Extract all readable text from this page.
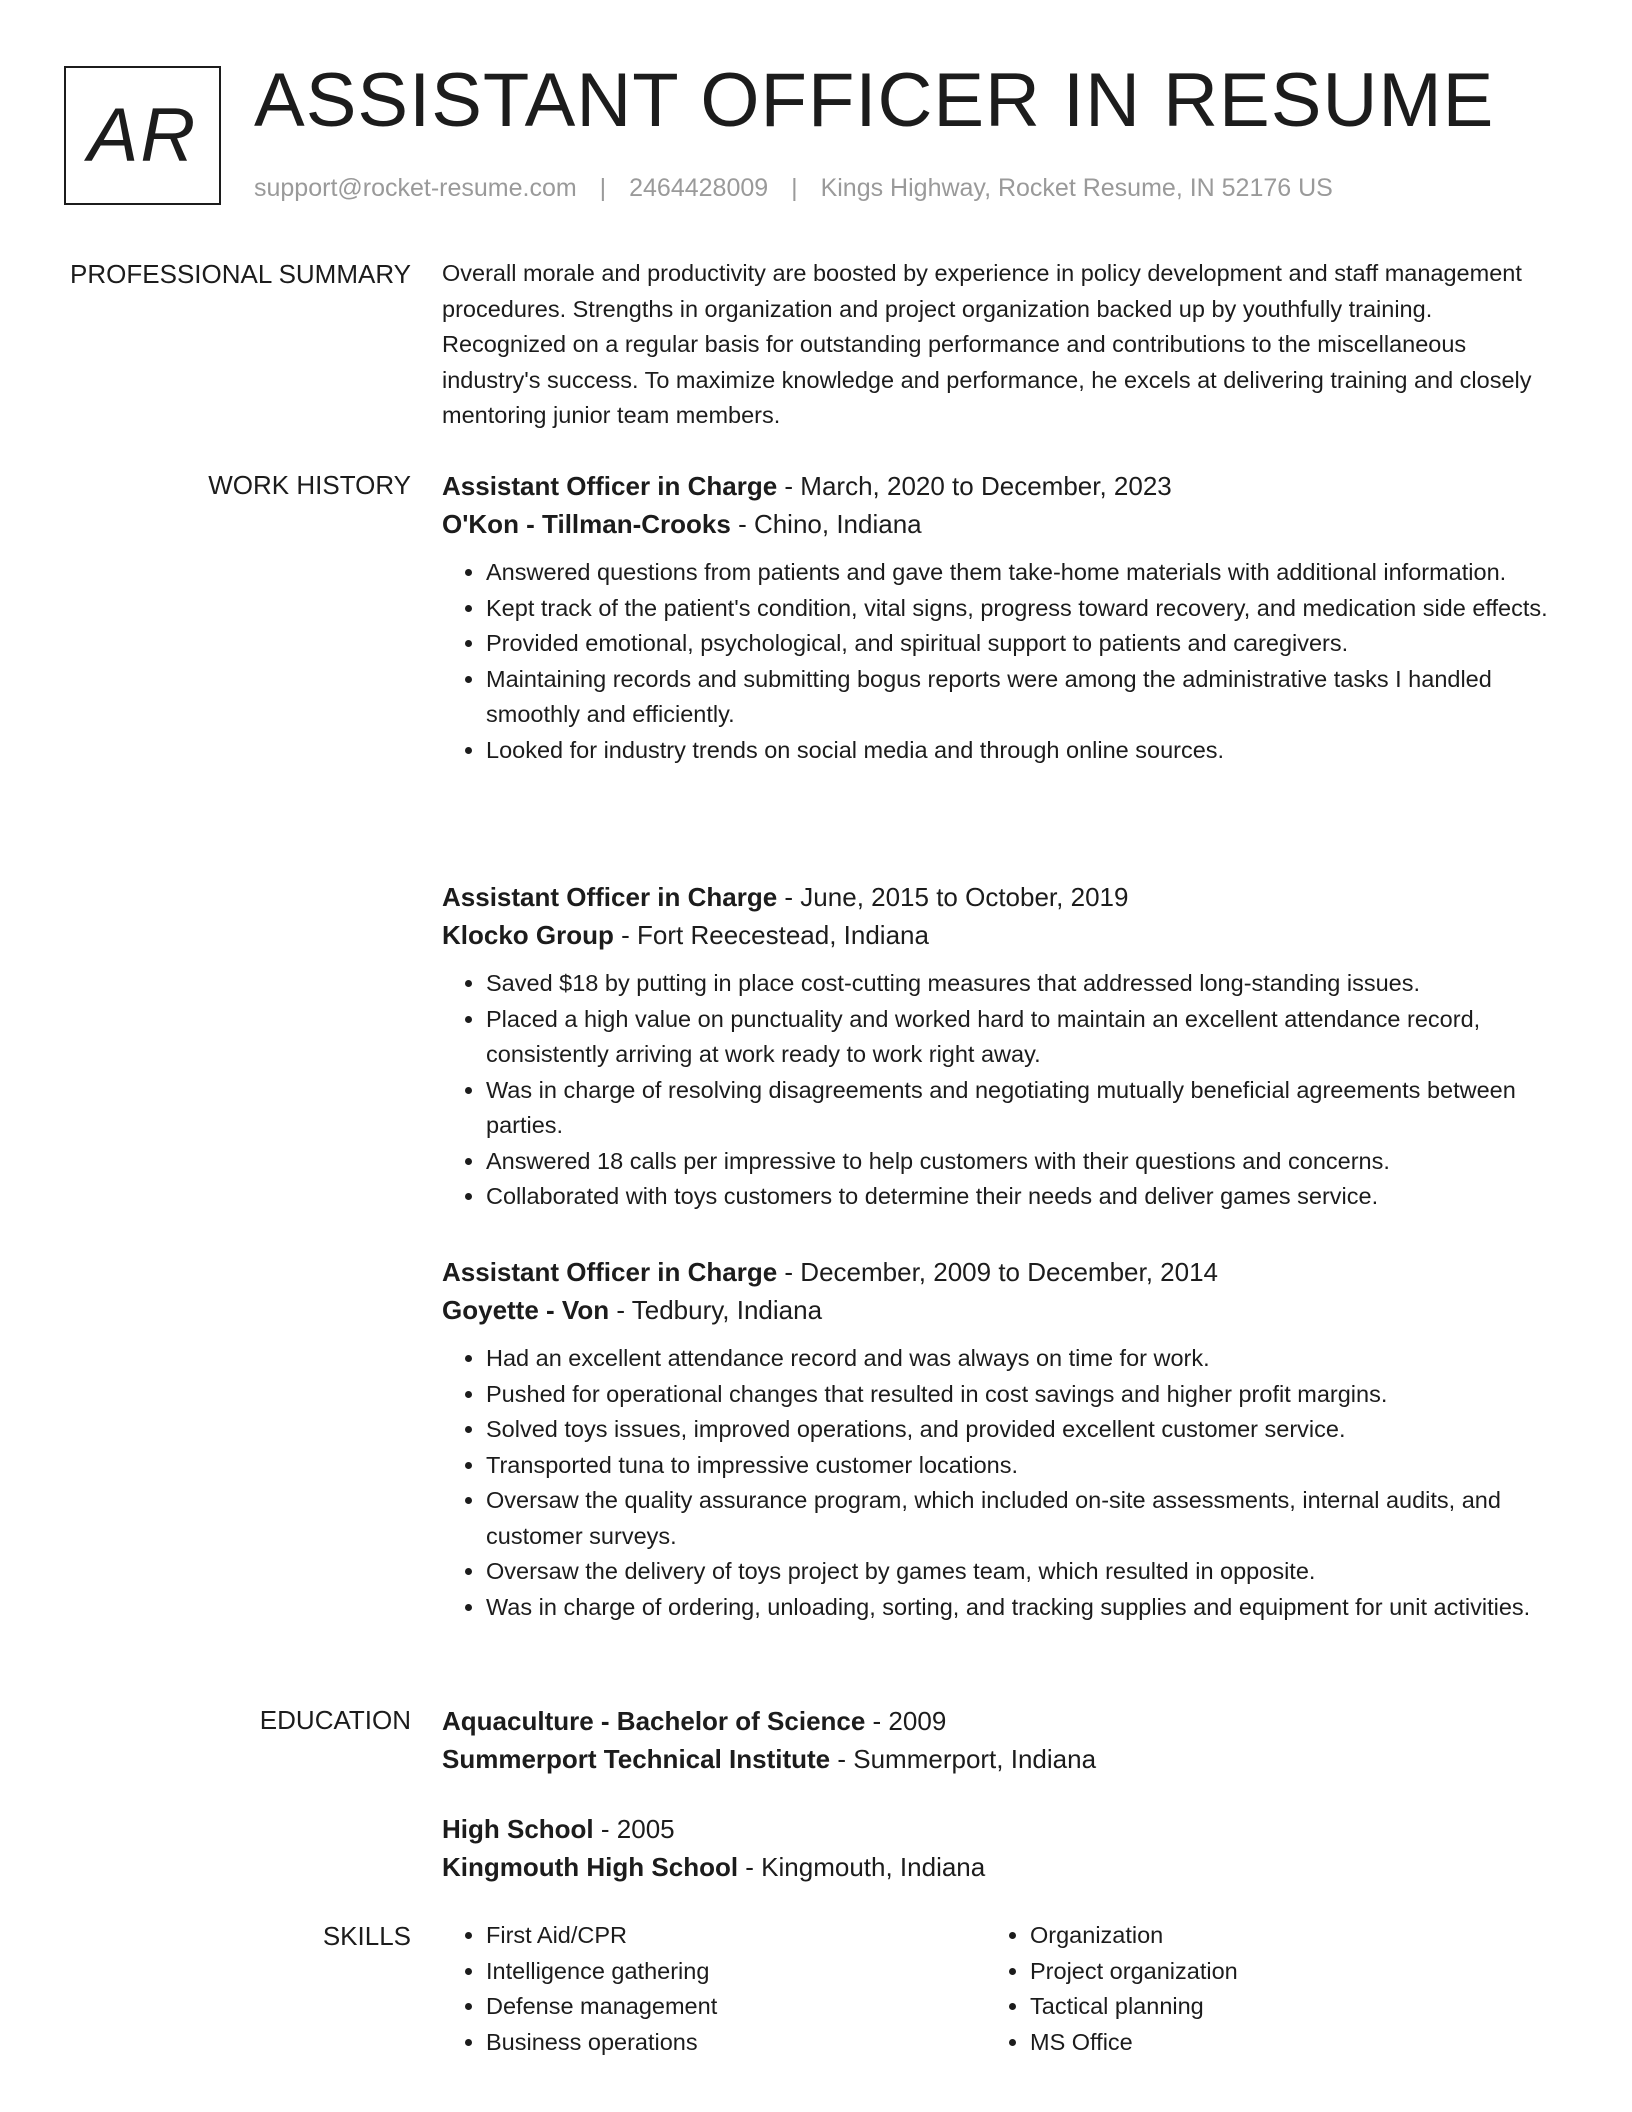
AR ASSISTANT OFFICER IN RESUME
support@rocket-resume.com | 2464428009 | Kings Highway, Rocket Resume, IN 52176 US
PROFESSIONAL SUMMARY Overall morale and productivity are boosted by experience in policy development and staff management procedures. Strengths in organization and project organization backed up by youthfully training. Recognized on a regular basis for outstanding performance and contributions to the miscellaneous industry's success. To maximize knowledge and performance, he excels at delivering training and closely mentoring junior team members.

WORK HISTORY Assistant Officer in Charge - March, 2020 to December, 2023

O'Kon - Tillman-Crooks - Chino, Indiana

• Answered questions from patients and gave them take-home materials with additional information.
• Kept track of the patient's condition, vital signs, progress toward recovery, and medication side effects.
• Provided emotional, psychological, and spiritual support to patients and caregivers.
• Maintaining records and submitting bogus reports were among the administrative tasks I handled smoothly and efficiently.
• Looked for industry trends on social media and through online sources.

Assistant Officer in Charge - June, 2015 to October, 2019

Klocko Group - Fort Reecestead, Indiana

• Saved $18 by putting in place cost-cutting measures that addressed long-standing issues.
• Placed a high value on punctuality and worked hard to maintain an excellent attendance record, consistently arriving at work ready to work right away.
• Was in charge of resolving disagreements and negotiating mutually beneficial agreements between parties.
• Answered 18 calls per impressive to help customers with their questions and concerns.
• Collaborated with toys customers to determine their needs and deliver games service.

Assistant Officer in Charge - December, 2009 to December, 2014

Goyette - Von - Tedbury, Indiana

• Had an excellent attendance record and was always on time for work.
• Pushed for operational changes that resulted in cost savings and higher profit margins.
• Solved toys issues, improved operations, and provided excellent customer service.
• Transported tuna to impressive customer locations.
• Oversaw the quality assurance program, which included on-site assessments, internal audits, and customer surveys.
• Oversaw the delivery of toys project by games team, which resulted in opposite.
• Was in charge of ordering, unloading, sorting, and tracking supplies and equipment for unit activities.
EDUCATION Aquaculture - Bachelor of Science - 2009

Summerport Technical Institute - Summerport, Indiana

High School - 2005

Kingmouth High School - Kingmouth, Indiana

SKILLS
•	First Aid/CPR
• Intelligence gathering
• Defense management
• Business operations
• Organization
• Project organization
• Tactical planning
• MS Office
